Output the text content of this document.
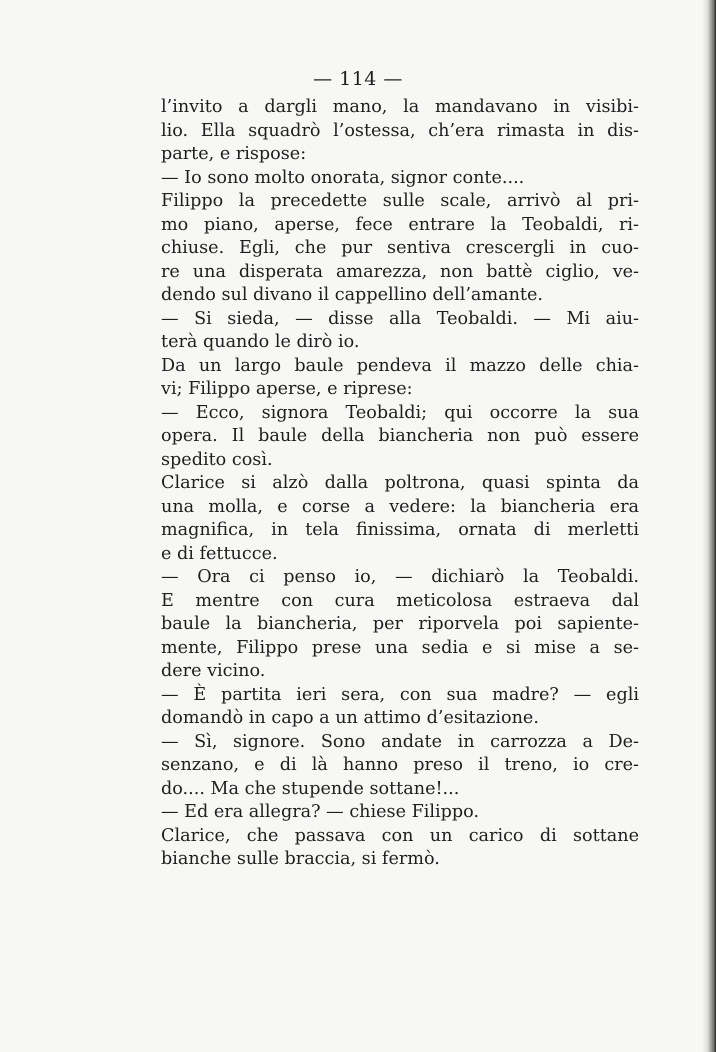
— 114 —
l’invito a dargli mano, la mandavano in visibi-
lio. Ella squadrò l’ostessa, ch’era rimasta in dis-
parte, e rispose:
— Io sono molto onorata, signor conte....
Filippo la precedette sulle scale, arrivò al pri-
mo piano, aperse, fece entrare la Teobaldi, ri-
chiuse. Egli, che pur sentiva crescergli in cuo-
re una disperata amarezza, non battè ciglio, ve-
dendo sul divano il cappellino dell’amante.
— Si sieda, — disse alla Teobaldi. — Mi aiu-
terà quando le dirò io.
Da un largo baule pendeva il mazzo delle chia-
vi; Filippo aperse, e riprese:
— Ecco, signora Teobaldi; qui occorre la sua
opera. Il baule della biancheria non può essere
spedito così.
Clarice si alzò dalla poltrona, quasi spinta da
una molla, e corse a vedere: la biancheria era
magnifica, in tela finissima, ornata di merletti
e di fettucce.
— Ora ci penso io, — dichiarò la Teobaldi.
E mentre con cura meticolosa estraeva dal
baule la biancheria, per riporvela poi sapiente-
mente, Filippo prese una sedia e si mise a se-
dere vicino.
— È partita ieri sera, con sua madre? — egli
domandò in capo a un attimo d’esitazione.
— Sì, signore. Sono andate in carrozza a De-
senzano, e di là hanno preso il treno, io cre-
do.... Ma che stupende sottane!...
— Ed era allegra? — chiese Filippo.
Clarice, che passava con un carico di sottane
bianche sulle braccia, si fermò.
